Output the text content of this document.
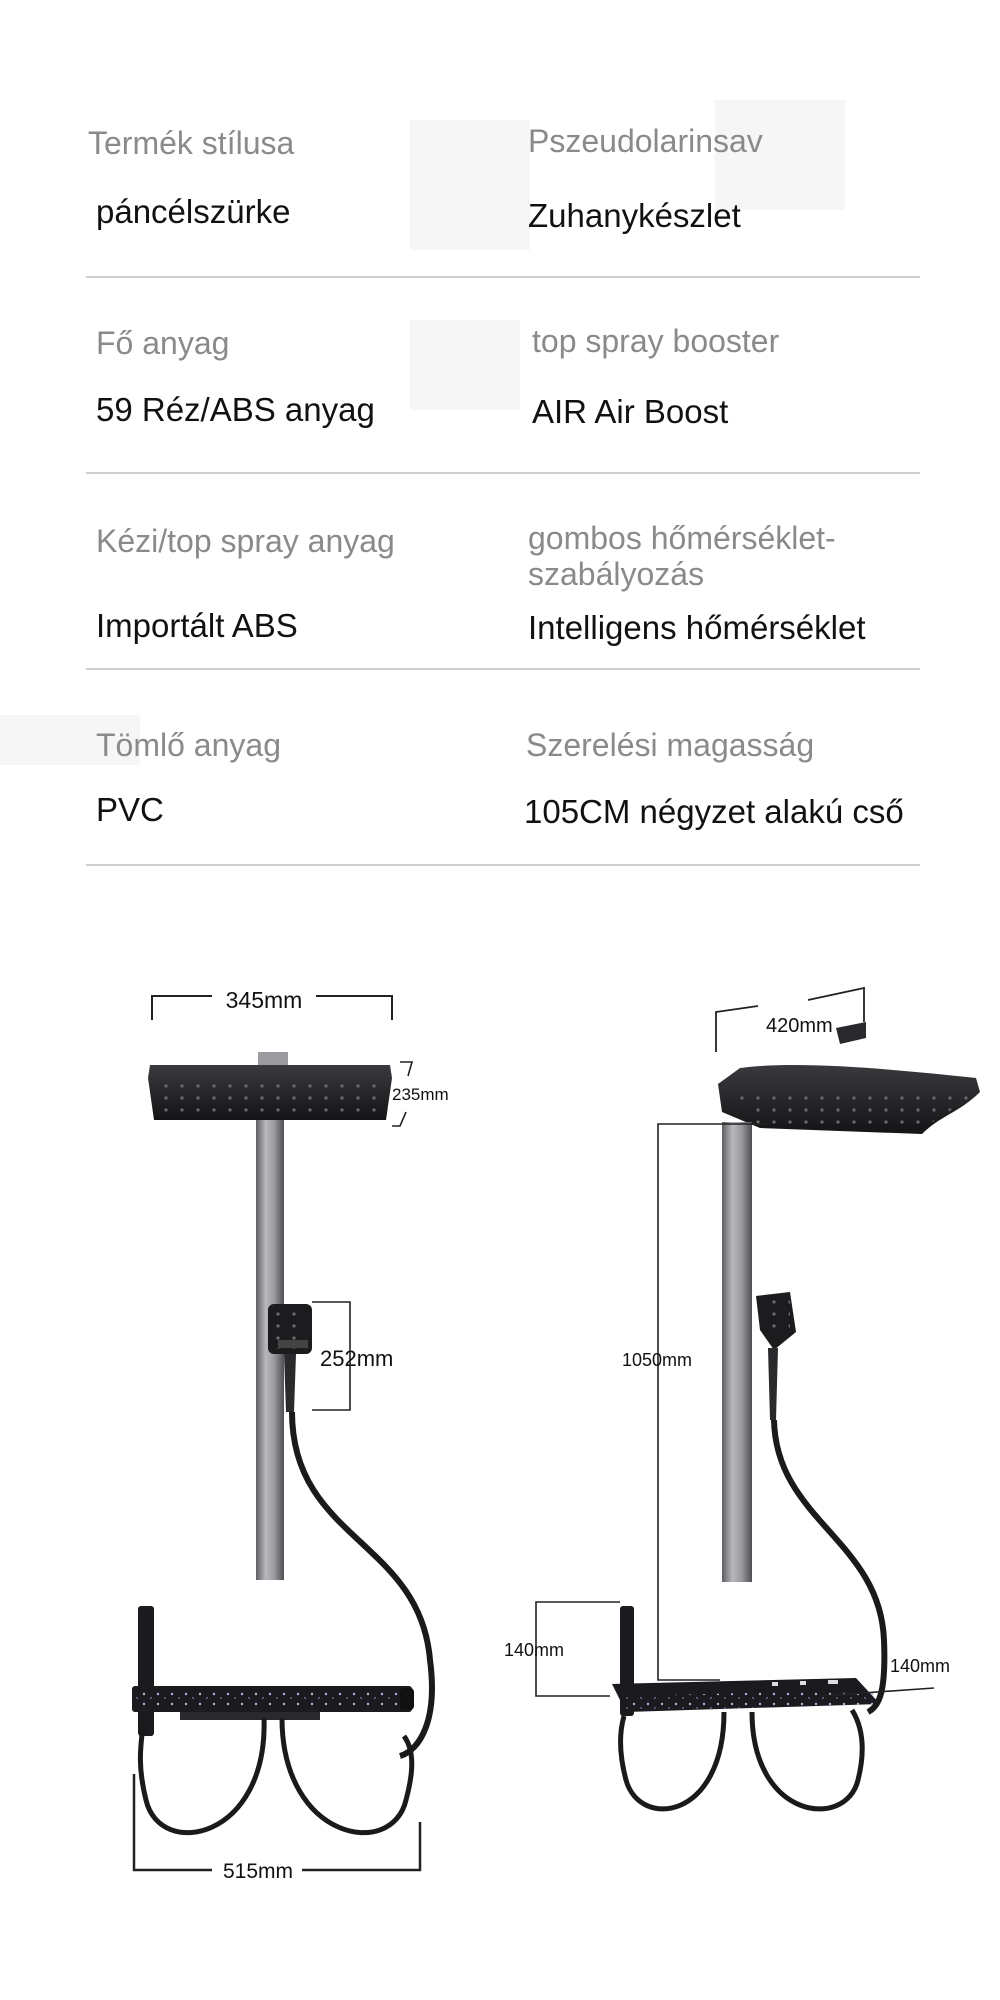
Termék stílusa
páncélszürke
Pszeudolarinsav
Zuhanykészlet
Fő anyag
59 Réz/ABS anyag
top spray booster
AIR Air Boost
Kézi/top spray anyag
Importált ABS
gombos hőmérséklet-szabályozás
Intelligens hőmérséklet
Tömlő anyag
PVC
Szerelési magasság
105CM négyzet alakú cső
345mm
235mm
252mm
515mm
420mm
1050mm
140mm
140mm
